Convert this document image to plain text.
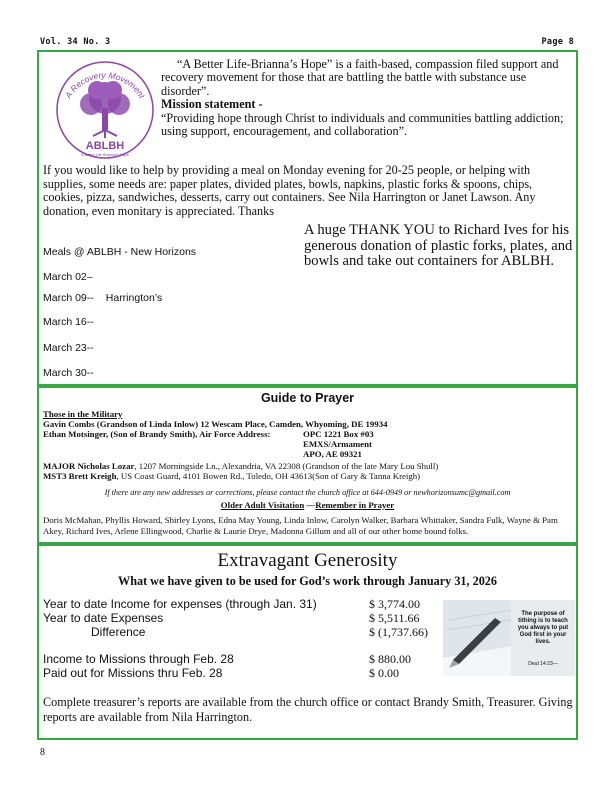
Vol. 34 No. 3	Page 8
A Recovery Movement
ABLBH
A Better Life Brianna's Hope

“A Better Life-Brianna’s Hope” is a faith-based, compassion filed support and recovery movement for those that are battling the battle with substance use disorder”.

Mission statement -

“Providing hope through Christ to individuals and communities battling addiction; using support, encouragement, and collaboration”.

If you would like to help by providing a meal on Monday evening for 20-25 people, or helping with supplies, some needs are: paper plates, divided plates, bowls, napkins, plastic forks & spoons, chips, cookies, pizza, sandwiches, desserts, carry out containers. See Nila Harrington or Janet Lawson. Any donation, even monitary is appreciated. Thanks
A huge THANK YOU to Richard Ives for his generous donation of plastic forks, plates, and bowls and take out containers for ABLBH.
Meals @ ABLBH - New Horizons
March 02–
March 09-- Harrington’s
March 16--
March 23--
March 30--
Guide to Prayer
Those in the Military
Gavin Combs (Grandson of Linda Inlow) 12 Wescam Place, Camden, Whyoming, DE 19934
Ethan Motsinger, (Son of Brandy Smith), Air Force Address:	OPC 1221 Box #03
EMXS/Armament
APO, AE 09321
MAJOR Nicholas Lozar, 1207 Morningside Ln., Alexandria, VA 22308 (Grandson of the late Mary Lou Shull)
MST3 Brett Kreigh, US Coast Guard, 4101 Bowen Rd., Toledo, OH 43613(Son of Gary & Tanna Kreigh)
If there are any new addresses or corrections, please contact the church office at 644-0949 or newhorizonsumc@gmail.com
Older Adult Visitation —Remember in Prayer
Doris McMahan, Phyllis Howard, Shirley Lyons, Edna May Young, Linda Inlow, Carolyn Walker, Barbara Whittaker, Sandra Fulk, Wayne & Pam Akey, Richard Ives, Arlene Ellingwood, Charlie & Laurie Drye, Madonna Gillum and all of our other home bound folks.
Extravagant Generosity
What we have given to be used for God’s work through January 31, 2026
Year to date Income for expenses (through Jan. 31)	$ 3,774.00
Year to date Expenses	$ 5,511.66
Difference	$ (1,737.66)
Income to Missions through Feb. 28	$ 880.00
Paid out for Missions thru Feb. 28	$ 0.00
The purpose of tithing is to teach you always to put God first in your lives.
Deut 14:23—
Complete treasurer’s reports are available from the church office or contact Brandy Smith, Treasurer. Giving reports are available from Nila Harrington.
8
